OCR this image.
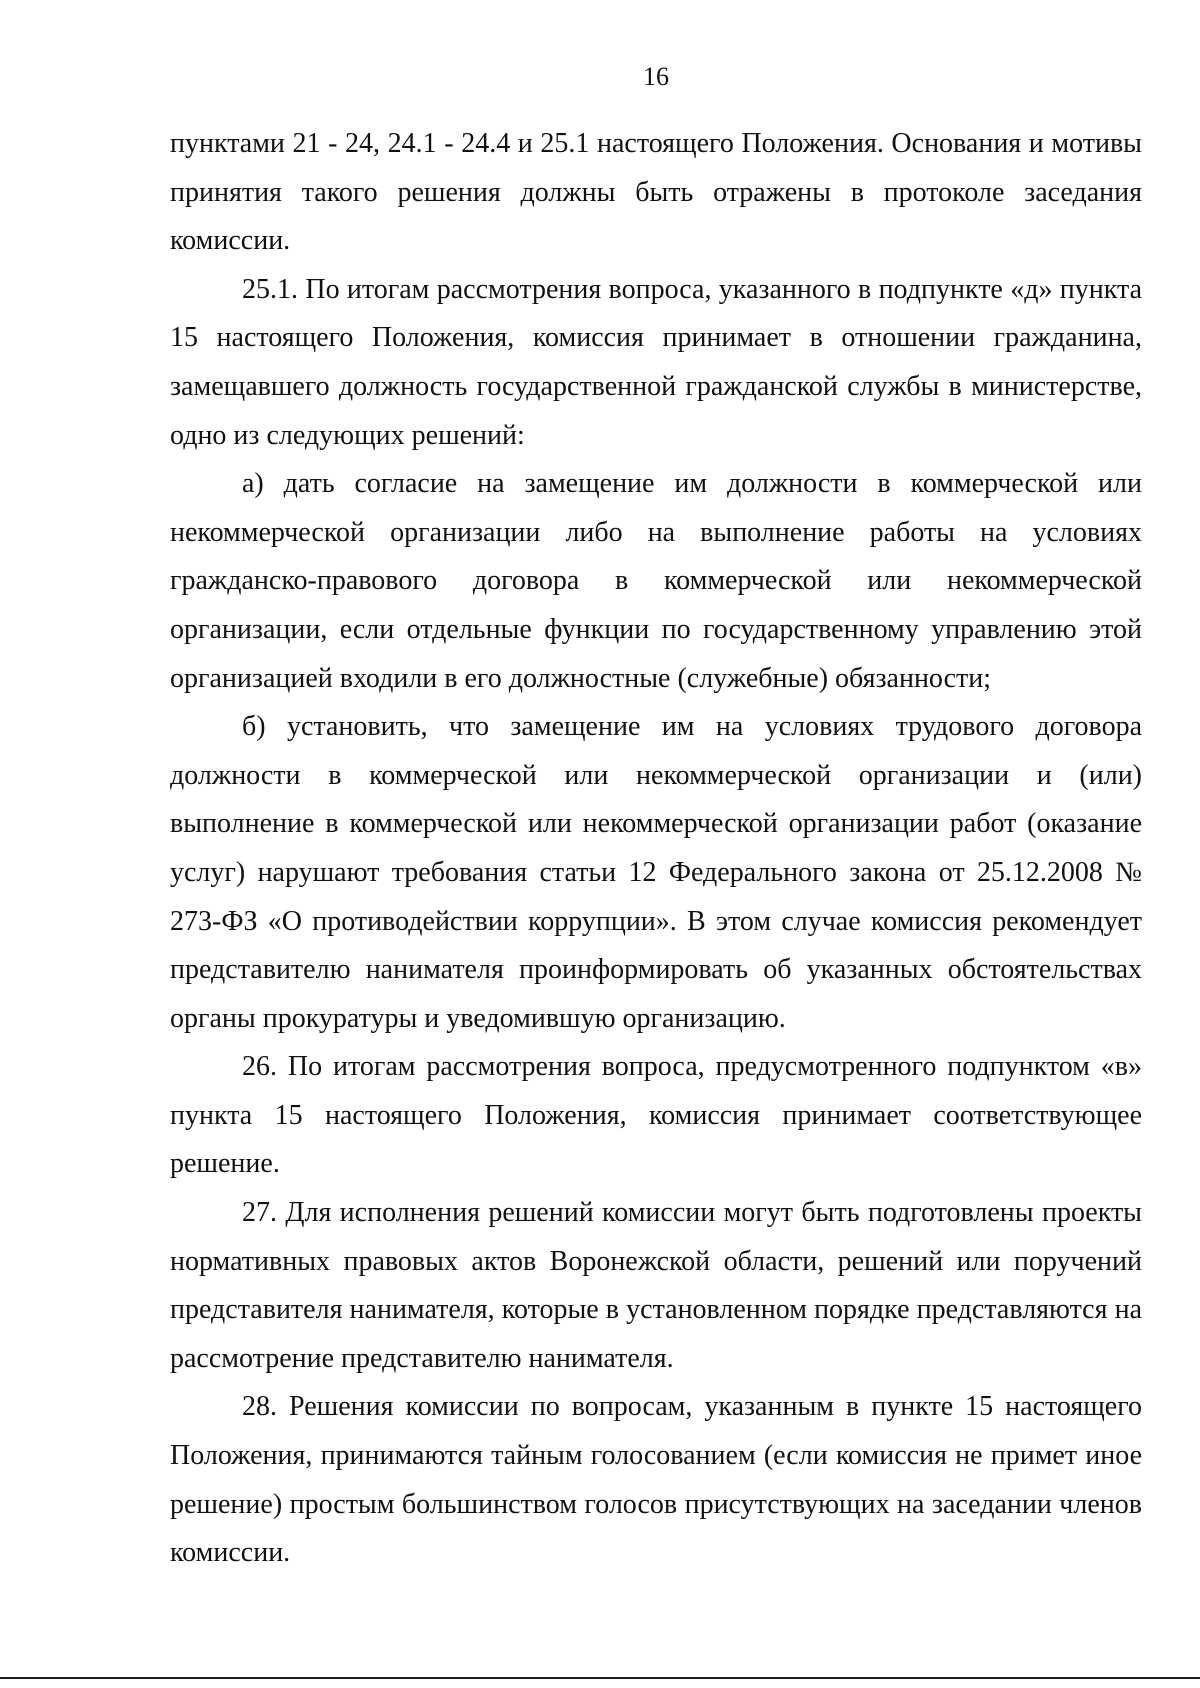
16

пунктами 21 - 24, 24.1 - 24.4 и 25.1 настоящего Положения. Основания и мотивы принятия такого решения должны быть отражены в протоколе заседания комиссии.

25.1. По итогам рассмотрения вопроса, указанного в подпункте «д» пункта 15 настоящего Положения, комиссия принимает в отношении гражданина, замещавшего должность государственной гражданской службы в министерстве, одно из следующих решений:

а) дать согласие на замещение им должности в коммерческой или некоммерческой организации либо на выполнение работы на условиях гражданско-правового договора в коммерческой или некоммерческой организации, если отдельные функции по государственному управлению этой организацией входили в его должностные (служебные) обязанности;

б) установить, что замещение им на условиях трудового договора должности в коммерческой или некоммерческой организации и (или) выполнение в коммерческой или некоммерческой организации работ (оказание услуг) нарушают требования статьи 12 Федерального закона от 25.12.2008 № 273-ФЗ «О противодействии коррупции». В этом случае комиссия рекомендует представителю нанимателя проинформировать об указанных обстоятельствах органы прокуратуры и уведомившую организацию.

26. По итогам рассмотрения вопроса, предусмотренного подпунктом «в» пункта 15 настоящего Положения, комиссия принимает соответствующее решение.

27. Для исполнения решений комиссии могут быть подготовлены проекты нормативных правовых актов Воронежской области, решений или поручений представителя нанимателя, которые в установленном порядке представляются на рассмотрение представителю нанимателя.

28. Решения комиссии по вопросам, указанным в пункте 15 настоящего Положения, принимаются тайным голосованием (если комиссия не примет иное решение) простым большинством голосов присутствующих на заседании членов комиссии.
